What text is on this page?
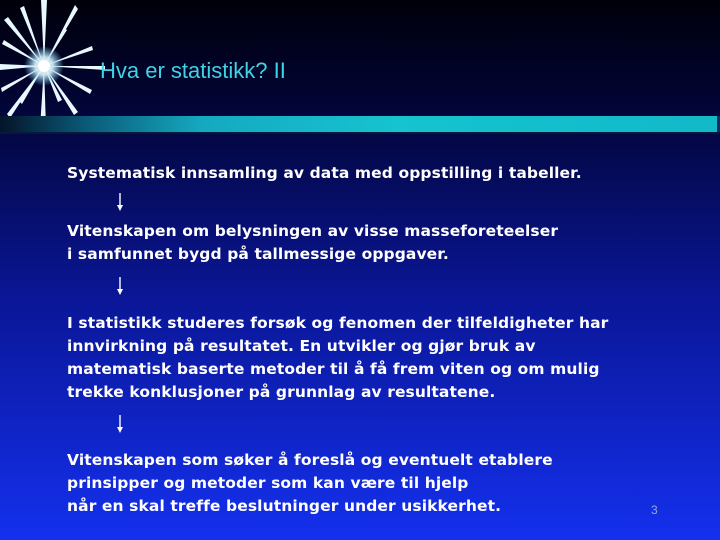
Hva er statistikk? II
Systematisk innsamling av data med oppstilling i tabeller.
Vitenskapen om belysningen av visse masseforeteelser
i samfunnet bygd på tallmessige oppgaver.
I statistikk studeres forsøk og fenomen der tilfeldigheter har
innvirkning på resultatet. En utvikler og gjør bruk av
matematisk baserte metoder til å få frem viten og om mulig
trekke konklusjoner på grunnlag av resultatene.
Vitenskapen som søker å foreslå og eventuelt etablere
prinsipper og metoder som kan være til hjelp
når en skal treffe beslutninger under usikkerhet.	3
